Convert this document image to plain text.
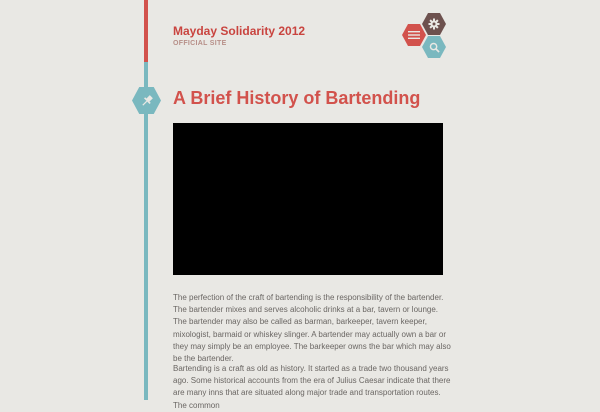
Mayday Solidarity 2012
OFFICIAL SITE
A Brief History of Bartending

The perfection of the craft of bartending is the responsibility of the bartender. The bartender mixes and serves alcoholic drinks at a bar, tavern or lounge. The bartender may also be called as barman, barkeeper, tavern keeper, mixologist, barmaid or whiskey slinger. A bartender may actually own a bar or they may simply be an employee. The barkeeper owns the bar which may also be the bartender.

Bartending is a craft as old as history. It started as a trade two thousand years ago. Some historical accounts from the era of Julius Caesar indicate that there are many inns that are situated along major trade and transportation routes. The common
